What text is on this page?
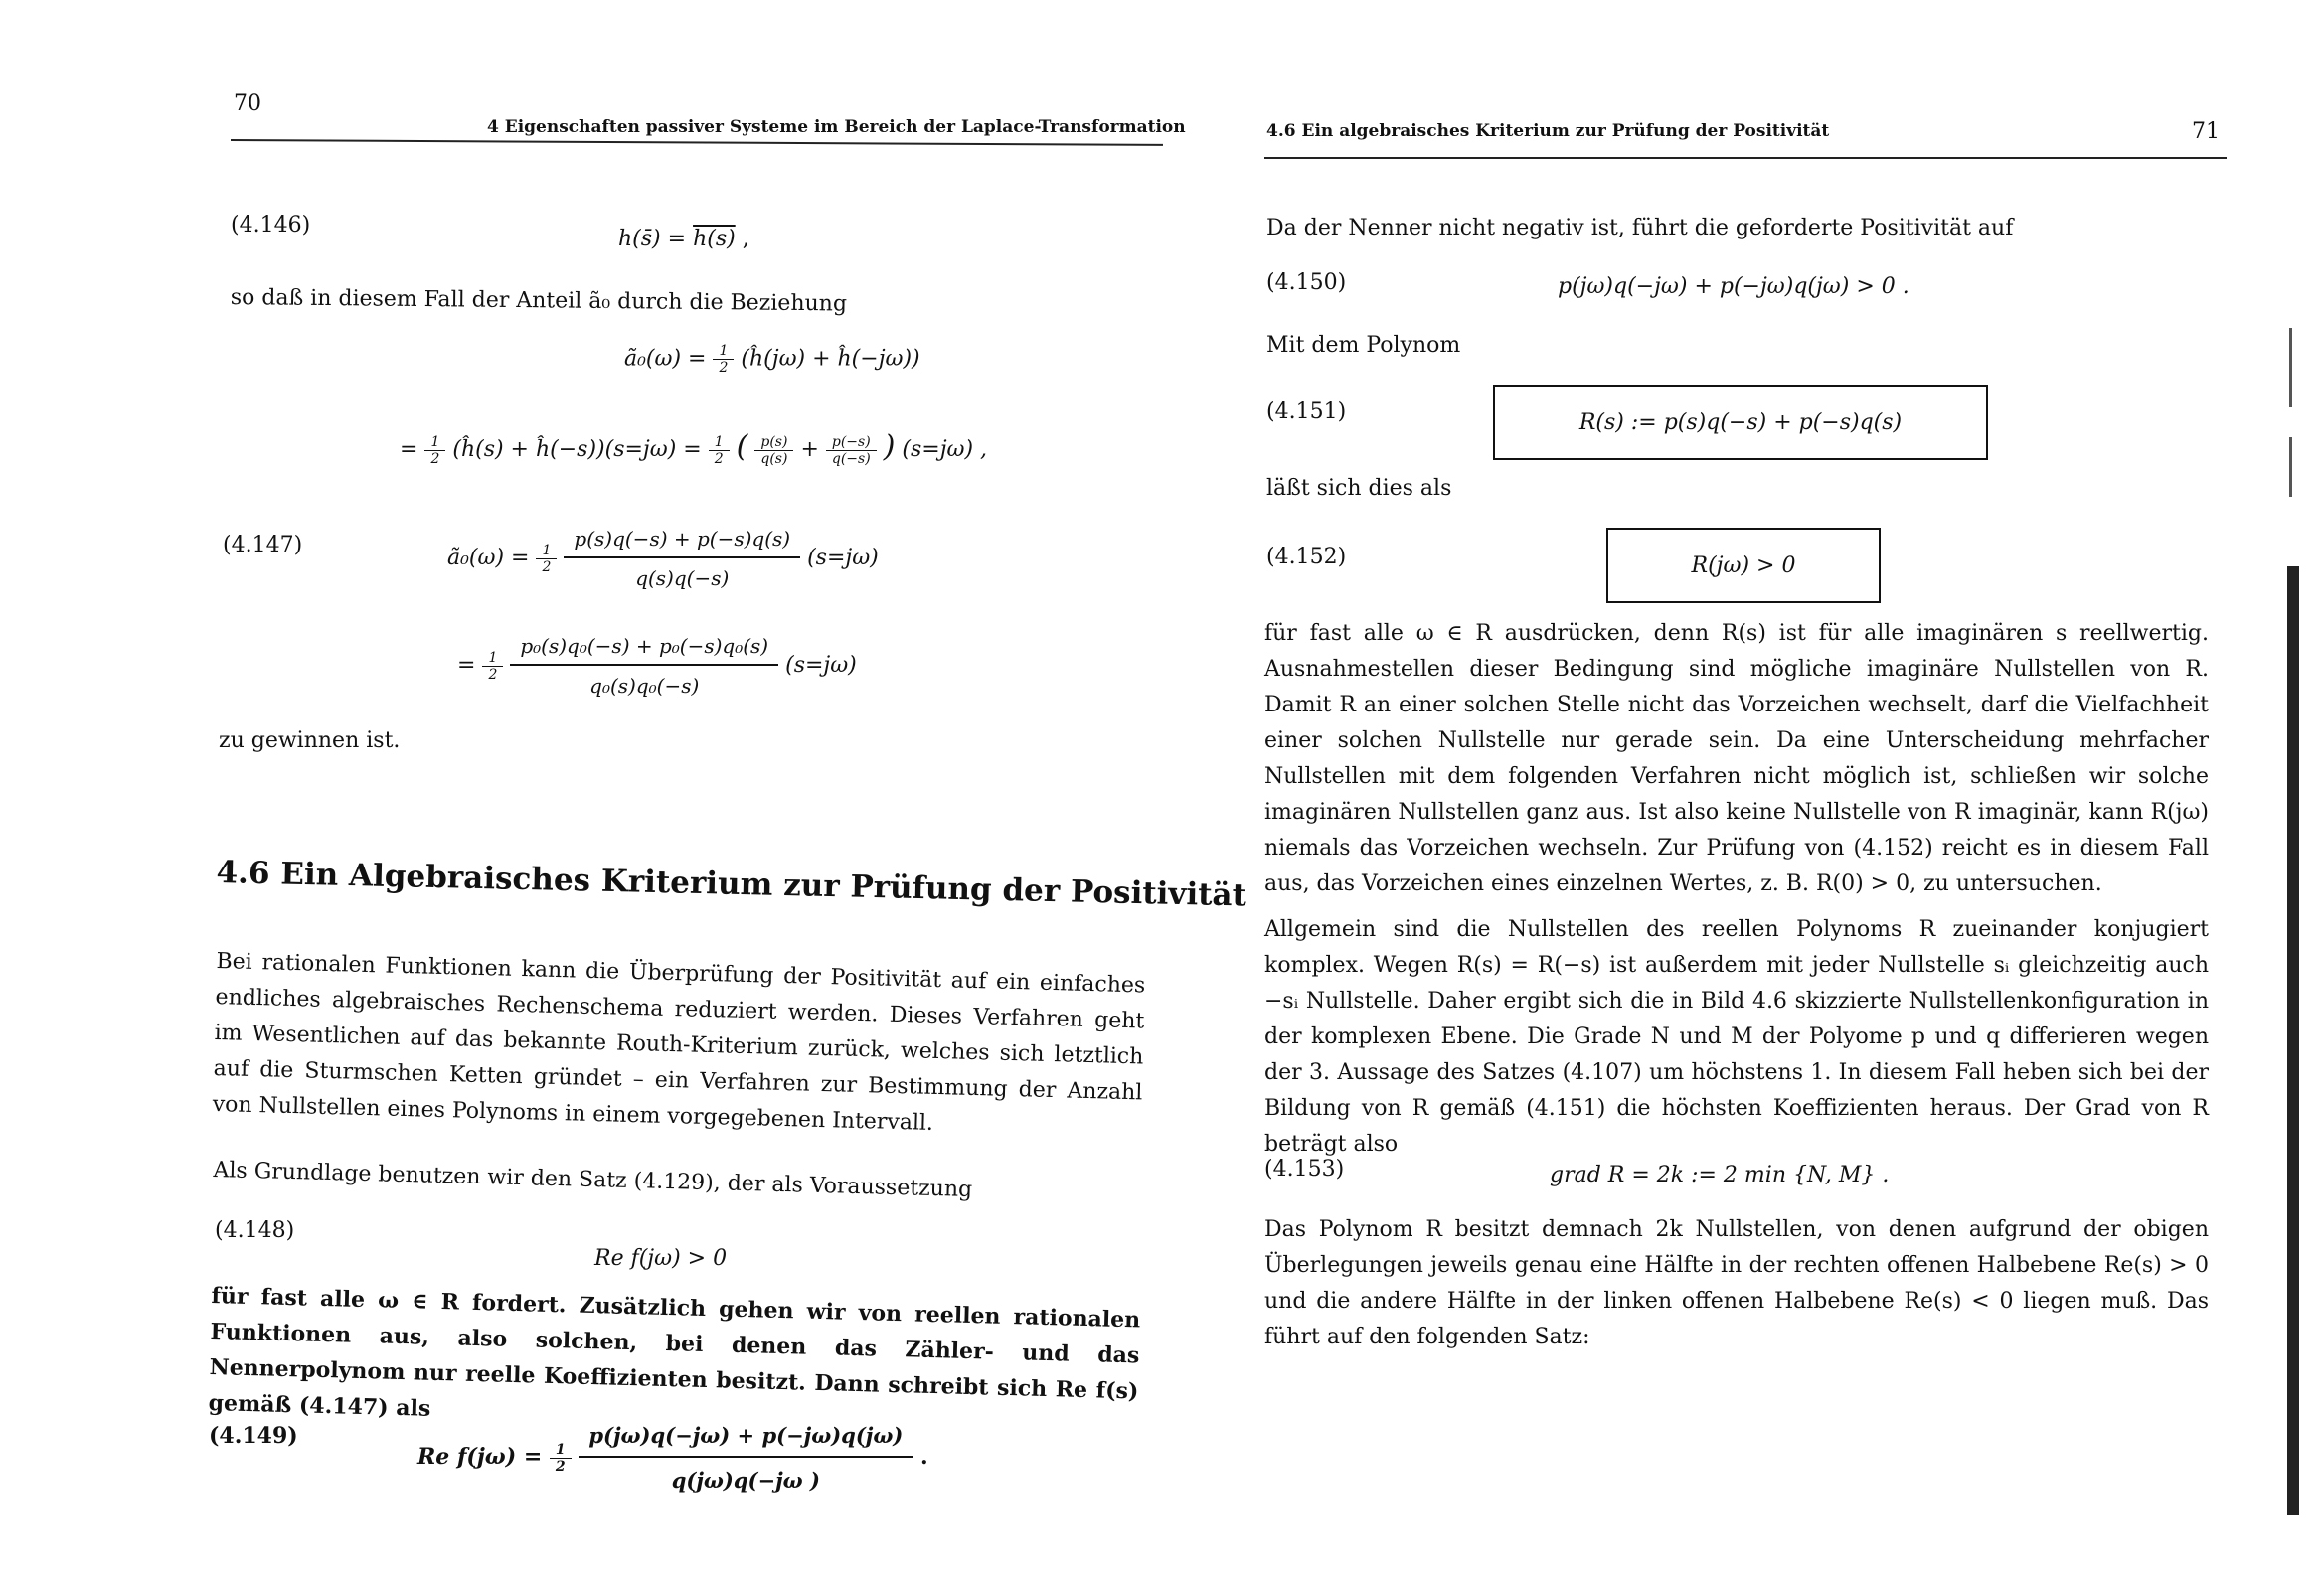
70
4 Eigenschaften passiver Systeme im Bereich der Laplace-Transformation
(4.146)
h(s̄) = h(s) ,
so daß in diesem Fall der Anteil ã₀ durch die Beziehung
ã₀(ω) = $\frac{1}{2}$ (ĥ(jω) + ĥ(−jω))
= $\frac{1}{2}$ (ĥ(s) + ĥ(−s))(s=jω) = $\frac{1}{2}$ ( $\frac{p(s)}{q(s)} + \frac{p(-s)}{q(-s)}$ ) (s=jω) ,
(4.147)
ã₀(ω) = $\frac{1}{2}$
$\frac{p(s)q(-s) + p(-s)q(s)}{q(s)q(-s)} (s=j\omega)$
= $\frac{1}{2}$
$\frac{\text{p₀(s)q₀(−s) + p₀(−s)q₀(s)}}{\text{q₀(s)q₀(−s)}} (s=j\omega)$
zu gewinnen ist.
4.6 Ein Algebraisches Kriterium zur Prüfung der Positivität
Bei rationalen Funktionen kann die Überprüfung der Positivität auf ein einfaches endliches algebraisches Rechenschema reduziert werden. Dieses Verfahren geht im Wesentlichen auf das bekannte Routh-Kriterium zurück, welches sich letztlich auf die Sturmschen Ketten gründet – ein Verfahren zur Bestimmung der Anzahl von Nullstellen eines Polynoms in einem vorgegebenen Intervall.
Als Grundlage benutzen wir den Satz (4.129), der als Voraussetzung
(4.148)
Re f(jω) > 0
für fast alle ω ∈ R fordert. Zusätzlich gehen wir von reellen rationalen Funktionen aus, also solchen, bei denen das Zähler- und das Nennerpolynom nur reelle Koeffizienten besitzt. Dann schreibt sich Re f(s) gemäß (4.147) als
(4.149)
Re $f(j\omega) = \frac{1}{2}$
$\frac{p(j\omega)q(-j\omega) + p(-j\omega)q(j\omega)}{q(j\omega)q(-j\omega )}$ .
4.6 Ein algebraisches Kriterium zur Prüfung der Positivität	71
Da der Nenner nicht negativ ist, führt die geforderte Positivität auf
(4.150)	p(jω)q(−jω) + p(−jω)q(jω) > 0 .
Mit dem Polynom
(4.151)	R(s) := p(s)q(−s) + p(−s)q(s)
läßt sich dies als
(4.152)	R(jω) > 0
für fast alle ω ∈ R ausdrücken, denn R(s) ist für alle imaginären s reellwertig. Ausnahmestellen dieser Bedingung sind mögliche imaginäre Nullstellen von R. Damit R an einer solchen Stelle nicht das Vorzeichen wechselt, darf die Vielfachheit einer solchen Nullstelle nur gerade sein. Da eine Unterscheidung mehrfacher Nullstellen mit dem folgenden Verfahren nicht möglich ist, schließen wir solche imaginären Nullstellen ganz aus. Ist also keine Nullstelle von R imaginär, kann R(jω) niemals das Vorzeichen wechseln. Zur Prüfung von (4.152) reicht es in diesem Fall aus, das Vorzeichen eines einzelnen Wertes, z. B. R(0) > 0, zu untersuchen.
Allgemein sind die Nullstellen des reellen Polynoms R zueinander konjugiert komplex. Wegen R(s) = R(−s) ist außerdem mit jeder Nullstelle sᵢ gleichzeitig auch −sᵢ Nullstelle. Daher ergibt sich die in Bild 4.6 skizzierte Nullstellenkonfiguration in der komplexen Ebene. Die Grade N und M der Polyome p und q differieren wegen der 3. Aussage des Satzes (4.107) um höchstens 1. In diesem Fall heben sich bei der Bildung von R gemäß (4.151) die höchsten Koeffizienten heraus. Der Grad von R beträgt also
(4.153)	grad R = 2k := 2 min {N, M} .
Das Polynom R besitzt demnach 2k Nullstellen, von denen aufgrund der obigen Überlegungen jeweils genau eine Hälfte in der rechten offenen Halbebene Re(s) > 0 und die andere Hälfte in der linken offenen Halbebene Re(s) < 0 liegen muß. Das führt auf den folgenden Satz:
